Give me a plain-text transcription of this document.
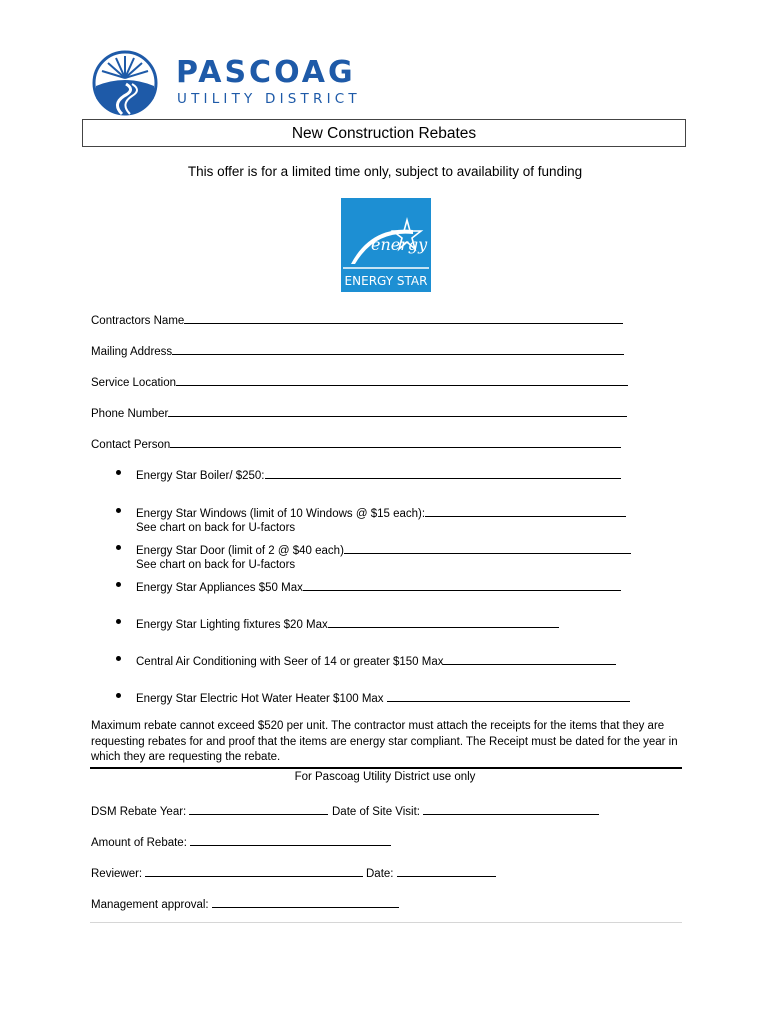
PASCOAG
UTILITY DISTRICT
New Construction Rebates
This offer is for a limited time only, subject to availability of funding
energy
ENERGY STAR
Contractors Name
Mailing Address
Service Location
Phone Number
Contact Person
Energy Star Boiler/ $250:
Energy Star Windows (limit of 10 Windows @ $15 each):
See chart on back for U-factors
Energy Star Door (limit of 2 @ $40 each)
See chart on back for U-factors
Energy Star Appliances $50 Max
Energy Star Lighting fixtures $20 Max
Central Air Conditioning with Seer of 14 or greater $150 Max
Energy Star Electric Hot Water Heater $100 Max
Maximum rebate cannot exceed $520 per unit. The contractor must attach the receipts for the items that they are requesting rebates for and proof that the items are energy star compliant. The Receipt must be dated for the year in which they are requesting the rebate.
For Pascoag Utility District use only
DSM Rebate Year:	Date of Site Visit:
Amount of Rebate:
Reviewer:	Date:
Management approval:
